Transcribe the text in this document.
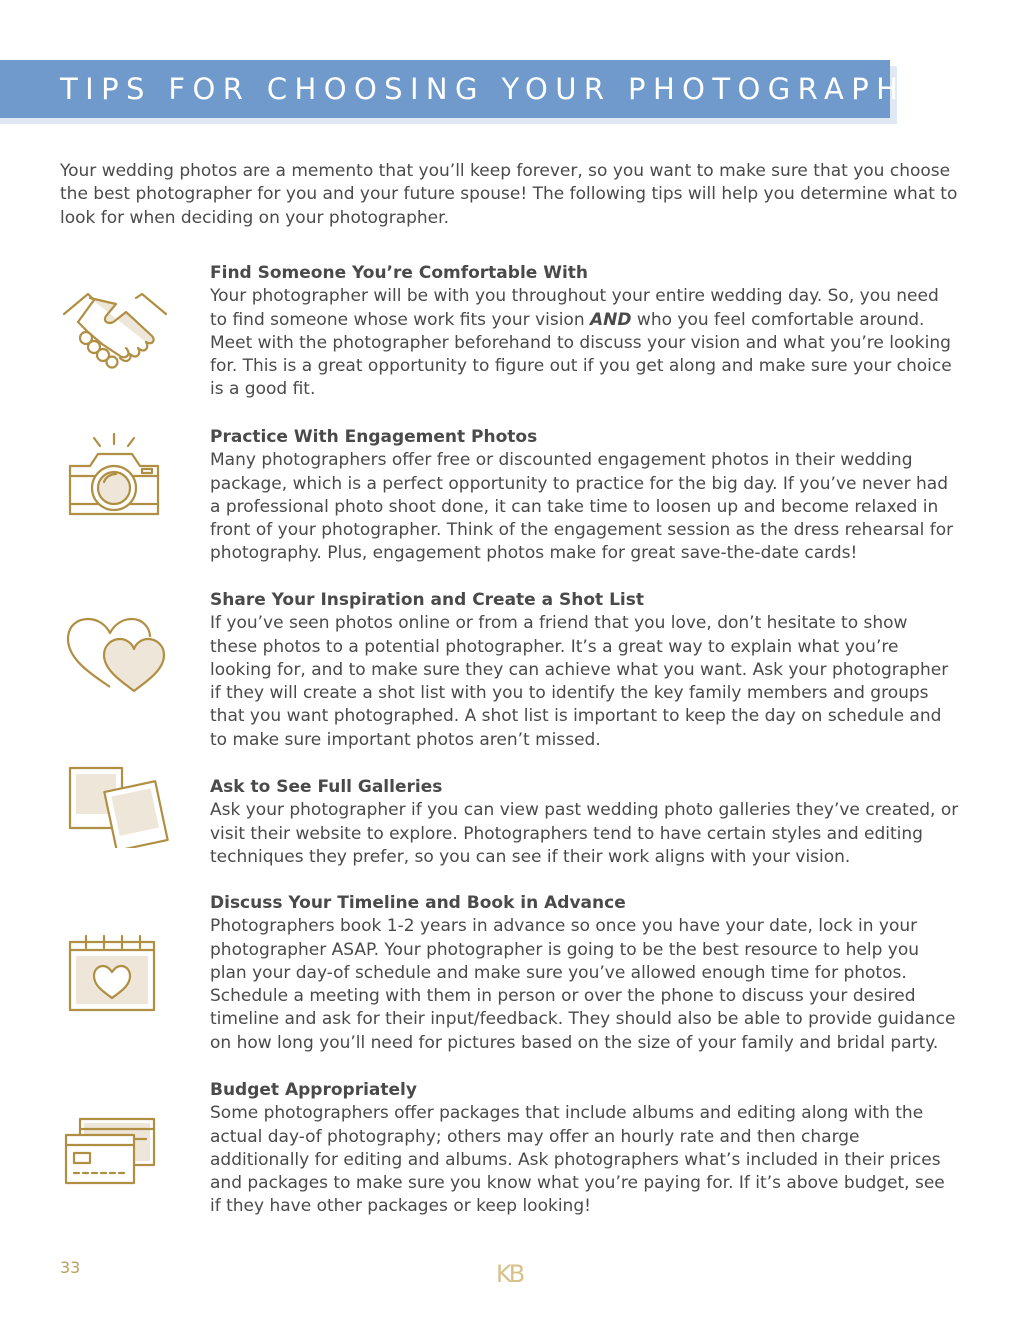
TIPS FOR CHOOSING YOUR PHOTOGRAPHER

Your wedding photos are a memento that you’ll keep forever, so you want to make sure that you choose the best photographer for you and your future spouse! The following tips will help you determine what to look for when deciding on your photographer.

Find Someone You’re Comfortable With

Your photographer will be with you throughout your entire wedding day. So, you need to find someone whose work fits your vision AND who you feel comfortable around. Meet with the photographer beforehand to discuss your vision and what you’re looking for. This is a great opportunity to figure out if you get along and make sure your choice is a good fit.

Practice With Engagement Photos

Many photographers offer free or discounted engagement photos in their wedding package, which is a perfect opportunity to practice for the big day. If you’ve never had a professional photo shoot done, it can take time to loosen up and become relaxed in front of your photographer. Think of the engagement session as the dress rehearsal for photography. Plus, engagement photos make for great save-the-date cards!

Share Your Inspiration and Create a Shot List

If you’ve seen photos online or from a friend that you love, don’t hesitate to show these photos to a potential photographer. It’s a great way to explain what you’re looking for, and to make sure they can achieve what you want. Ask your photographer if they will create a shot list with you to identify the key family members and groups that you want photographed. A shot list is important to keep the day on schedule and to make sure important photos aren’t missed.

Ask to See Full Galleries

Ask your photographer if you can view past wedding photo galleries they’ve created, or visit their website to explore. Photographers tend to have certain styles and editing techniques they prefer, so you can see if their work aligns with your vision.

Discuss Your Timeline and Book in Advance

Photographers book 1-2 years in advance so once you have your date, lock in your photographer ASAP. Your photographer is going to be the best resource to help you plan your day-of schedule and make sure you’ve allowed enough time for photos. Schedule a meeting with them in person or over the phone to discuss your desired timeline and ask for their input/feedback. They should also be able to provide guidance on how long you’ll need for pictures based on the size of your family and bridal party.

Budget Appropriately

Some photographers offer packages that include albums and editing along with the actual day-of photography; others may offer an hourly rate and then charge additionally for editing and albums. Ask photographers what’s included in their prices and packages to make sure you know what you’re paying for. If it’s above budget, see if they have other packages or keep looking!

33	KB
